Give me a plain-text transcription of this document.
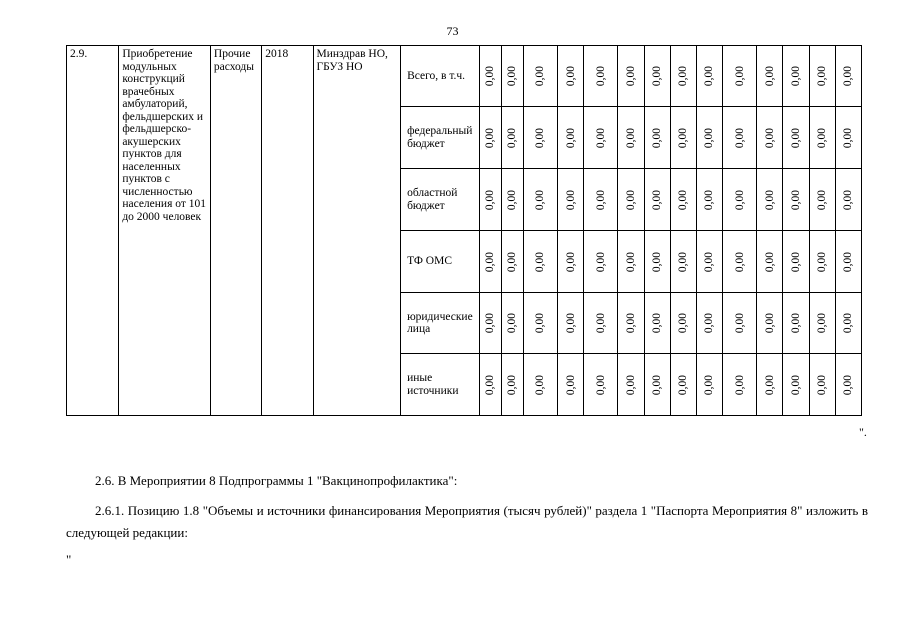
73
2.9.	Приобретение модульных конструкций врачебных амбулаторий, фельдшерских и фельдшерско-акушерских пунктов для населенных пунктов с численностью населения от 101 до 2000 человек	Прочие расходы	2018	Минздрав НО, ГБУЗ НО	Всего, в т.ч.	0,00	0,00	0,00	0,00	0,00	0,00	0,00	0,00	0,00	0,00	0,00	0,00	0,00	0,00

					федеральный бюджет	0,00	0,00	0,00	0,00	0,00	0,00	0,00	0,00	0,00	0,00	0,00	0,00	0,00	0,00

					областной бюджет	0,00	0,00	0,00	0,00	0,00	0,00	0,00	0,00	0,00	0,00	0,00	0,00	0,00	0,00

					ТФ ОМС	0,00	0,00	0,00	0,00	0,00	0,00	0,00	0,00	0,00	0,00	0,00	0,00	0,00	0,00

					юридические лица	0,00	0,00	0,00	0,00	0,00	0,00	0,00	0,00	0,00	0,00	0,00	0,00	0,00	0,00

					иные источники	0,00	0,00	0,00	0,00	0,00	0,00	0,00	0,00	0,00	0,00	0,00	0,00	0,00	0,00
".

2.6. В Мероприятии 8 Подпрограммы 1 "Вакцинопрофилактика":

2.6.1. Позицию 1.8 "Объемы и источники финансирования Мероприятия (тысяч рублей)" раздела 1 "Паспорта Мероприятия 8" изложить в следующей редакции:

"
